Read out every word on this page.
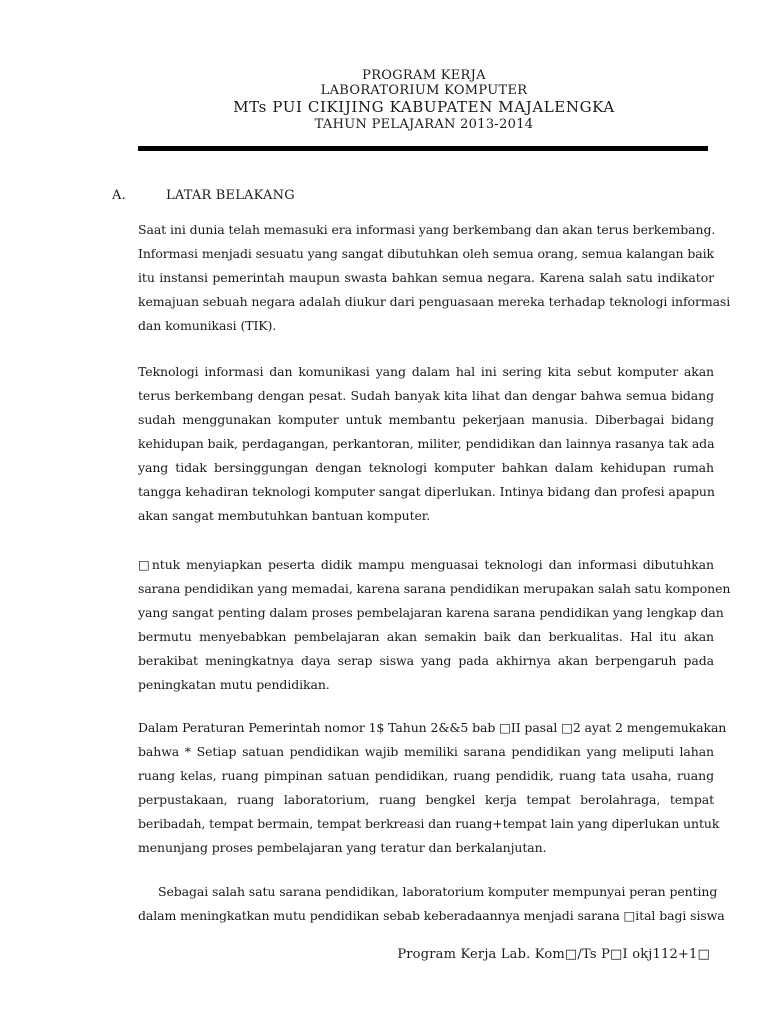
PROGRAM KERJA
LABORATORIUM KOMPUTER
MTs PUI CIKIJING KABUPATEN MAJALENGKA
TAHUN PELAJARAN 2013-2014
A.	LATAR BELAKANG

Saat ini dunia telah memasuki era informasi yang berkembang dan akan terus berkembang.
Informasi menjadi sesuatu yang sangat dibutuhkan oleh semua orang, semua kalangan baik
itu instansi pemerintah maupun swasta bahkan semua negara. Karena salah satu indikator
kemajuan sebuah negara adalah diukur dari penguasaan mereka terhadap teknologi informasi
dan komunikasi (TIK).

Teknologi informasi dan komunikasi yang dalam hal ini sering kita sebut komputer akan
terus berkembang dengan pesat. Sudah banyak kita lihat dan dengar bahwa semua bidang
sudah menggunakan komputer untuk membantu pekerjaan manusia. Diberbagai bidang
kehidupan baik, perdagangan, perkantoran, militer, pendidikan dan lainnya rasanya tak ada
yang tidak bersinggungan dengan teknologi komputer bahkan dalam kehidupan rumah
tangga kehadiran teknologi komputer sangat diperlukan. Intinya bidang dan profesi apapun
akan sangat membutuhkan bantuan komputer.

□ntuk menyiapkan peserta didik mampu menguasai teknologi dan informasi dibutuhkan
sarana pendidikan yang memadai, karena sarana pendidikan merupakan salah satu komponen
yang sangat penting dalam proses pembelajaran karena sarana pendidikan yang lengkap dan
bermutu menyebabkan pembelajaran akan semakin baik dan berkualitas. Hal itu akan
berakibat meningkatnya daya serap siswa yang pada akhirnya akan berpengaruh pada
peningkatan mutu pendidikan.

Dalam Peraturan Pemerintah nomor 1$ Tahun 2&&5 bab □II pasal □2 ayat 2 mengemukakan
bahwa * Setiap satuan pendidikan wajib memiliki sarana pendidikan yang meliputi lahan
ruang kelas, ruang pimpinan satuan pendidikan, ruang pendidik, ruang tata usaha, ruang
perpustakaan, ruang laboratorium, ruang bengkel kerja tempat berolahraga, tempat
beribadah, tempat bermain, tempat berkreasi dan ruang+tempat lain yang diperlukan untuk
menunjang proses pembelajaran yang teratur dan berkalanjutan.

Sebagai salah satu sarana pendidikan, laboratorium komputer mempunyai peran penting
dalam meningkatkan mutu pendidikan sebab keberadaannya menjadi sarana □ital bagi siswa

Program Kerja Lab. Kom□/Ts P□I okj112+1□
